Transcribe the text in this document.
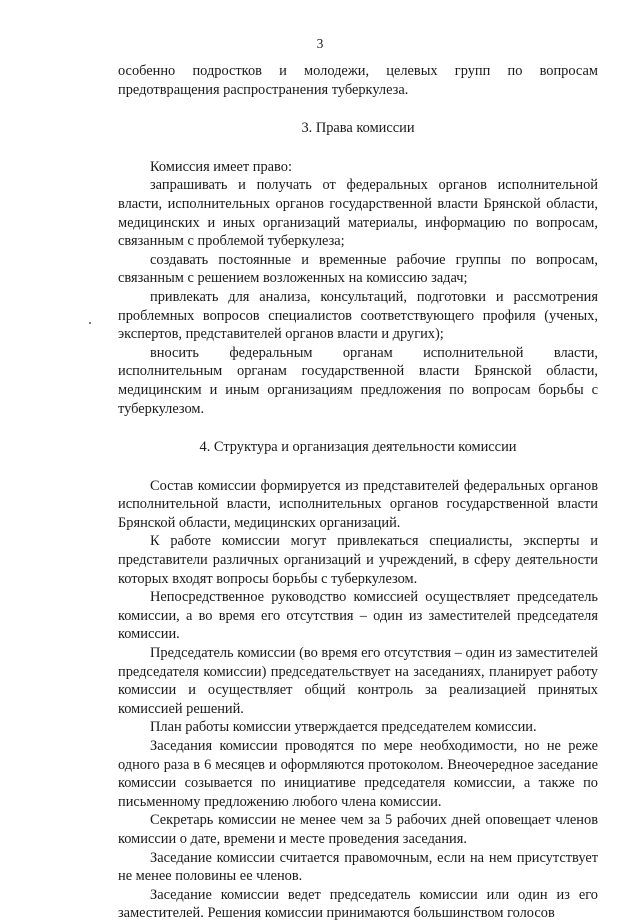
3

особенно подростков и молодежи, целевых групп по вопросам предотвращения распространения туберкулеза.

3. Права комиссии

Комиссия имеет право:

запрашивать и получать от федеральных органов исполнительной власти, исполнительных органов государственной власти Брянской области, медицинских и иных организаций материалы, информацию по вопросам, связанным с проблемой туберкулеза;

создавать постоянные и временные рабочие группы по вопросам, связанным с решением возложенных на комиссию задач;

привлекать для анализа, консультаций, подготовки и рассмотрения проблемных вопросов специалистов соответствующего профиля (ученых, экспертов, представителей органов власти и других);

вносить федеральным органам исполнительной власти, исполнительным органам государственной власти Брянской области, медицинским и иным организациям предложения по вопросам борьбы с туберкулезом.

4. Структура и организация деятельности комиссии

Состав комиссии формируется из представителей федеральных органов исполнительной власти, исполнительных органов государственной власти Брянской области, медицинских организаций.

К работе комиссии могут привлекаться специалисты, эксперты и представители различных организаций и учреждений, в сферу деятельности которых входят вопросы борьбы с туберкулезом.

Непосредственное руководство комиссией осуществляет председатель комиссии, а во время его отсутствия – один из заместителей председателя комиссии.

Председатель комиссии (во время его отсутствия – один из заместителей председателя комиссии) председательствует на заседаниях, планирует работу комиссии и осуществляет общий контроль за реализацией принятых комиссией решений.

План работы комиссии утверждается председателем комиссии.

Заседания комиссии проводятся по мере необходимости, но не реже одного раза в 6 месяцев и оформляются протоколом. Внеочередное заседание комиссии созывается по инициативе председателя комиссии, а также по письменному предложению любого члена комиссии.

Секретарь комиссии не менее чем за 5 рабочих дней оповещает членов комиссии о дате, времени и месте проведения заседания.

Заседание комиссии считается правомочным, если на нем присутствует не менее половины ее членов.

Заседание комиссии ведет председатель комиссии или один из его заместителей. Решения комиссии принимаются большинством голосов
